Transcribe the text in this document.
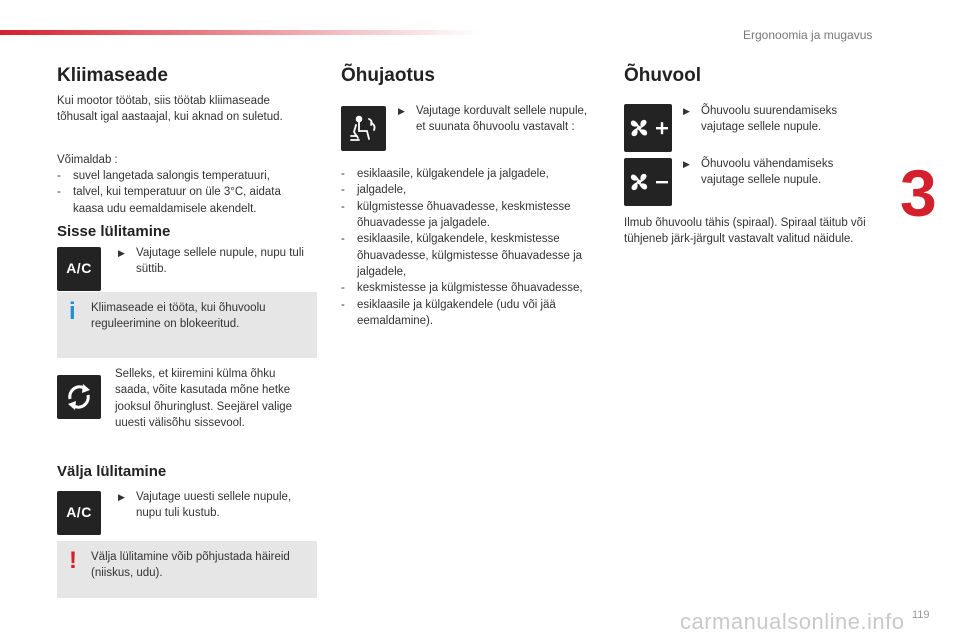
Ergonoomia ja mugavus
3
119
carmanualsonline.info
Kliimaseade
Kui mootor töötab, siis töötab kliimaseade tõhusalt igal aastaajal, kui aknad on suletud.
Võimaldab :
- suvel langetada salongis temperatuuri,
- talvel, kui temperatuur on üle 3°C, aidata kaasa udu eemaldamisele akendelt.
Sisse lülitamine
A/C
▶ Vajutage sellele nupule, nupu tuli süttib.
i Kliimaseade ei tööta, kui õhuvoolu reguleerimine on blokeeritud.
Selleks, et kiiremini külma õhku saada, võite kasutada mõne hetke jooksul õhuringlust. Seejärel valige uuesti välisõhu sissevool.
Välja lülitamine
A/C
▶ Vajutage uuesti sellele nupule, nupu tuli kustub.
! Välja lülitamine võib põhjustada häireid (niiskus, udu).
Õhujaotus
▶ Vajutage korduvalt sellele nupule, et suunata õhuvoolu vastavalt :
- esiklaasile, külgakendele ja jalgadele,
- jalgadele,
- külgmistesse õhuavadesse, keskmistesse õhuavadesse ja jalgadele.
- esiklaasile, külgakendele, keskmistesse õhuavadesse, külgmistesse õhuavadesse ja jalgadele,
- keskmistesse ja külgmistesse õhuavadesse,
- esiklaasile ja külgakendele (udu või jää eemaldamine).
Õhuvool
▶ Õhuvoolu suurendamiseks vajutage sellele nupule.
▶ Õhuvoolu vähendamiseks vajutage sellele nupule.
Ilmub õhuvoolu tähis (spiraal). Spiraal täitub või tühjeneb järk-järgult vastavalt valitud näidule.
